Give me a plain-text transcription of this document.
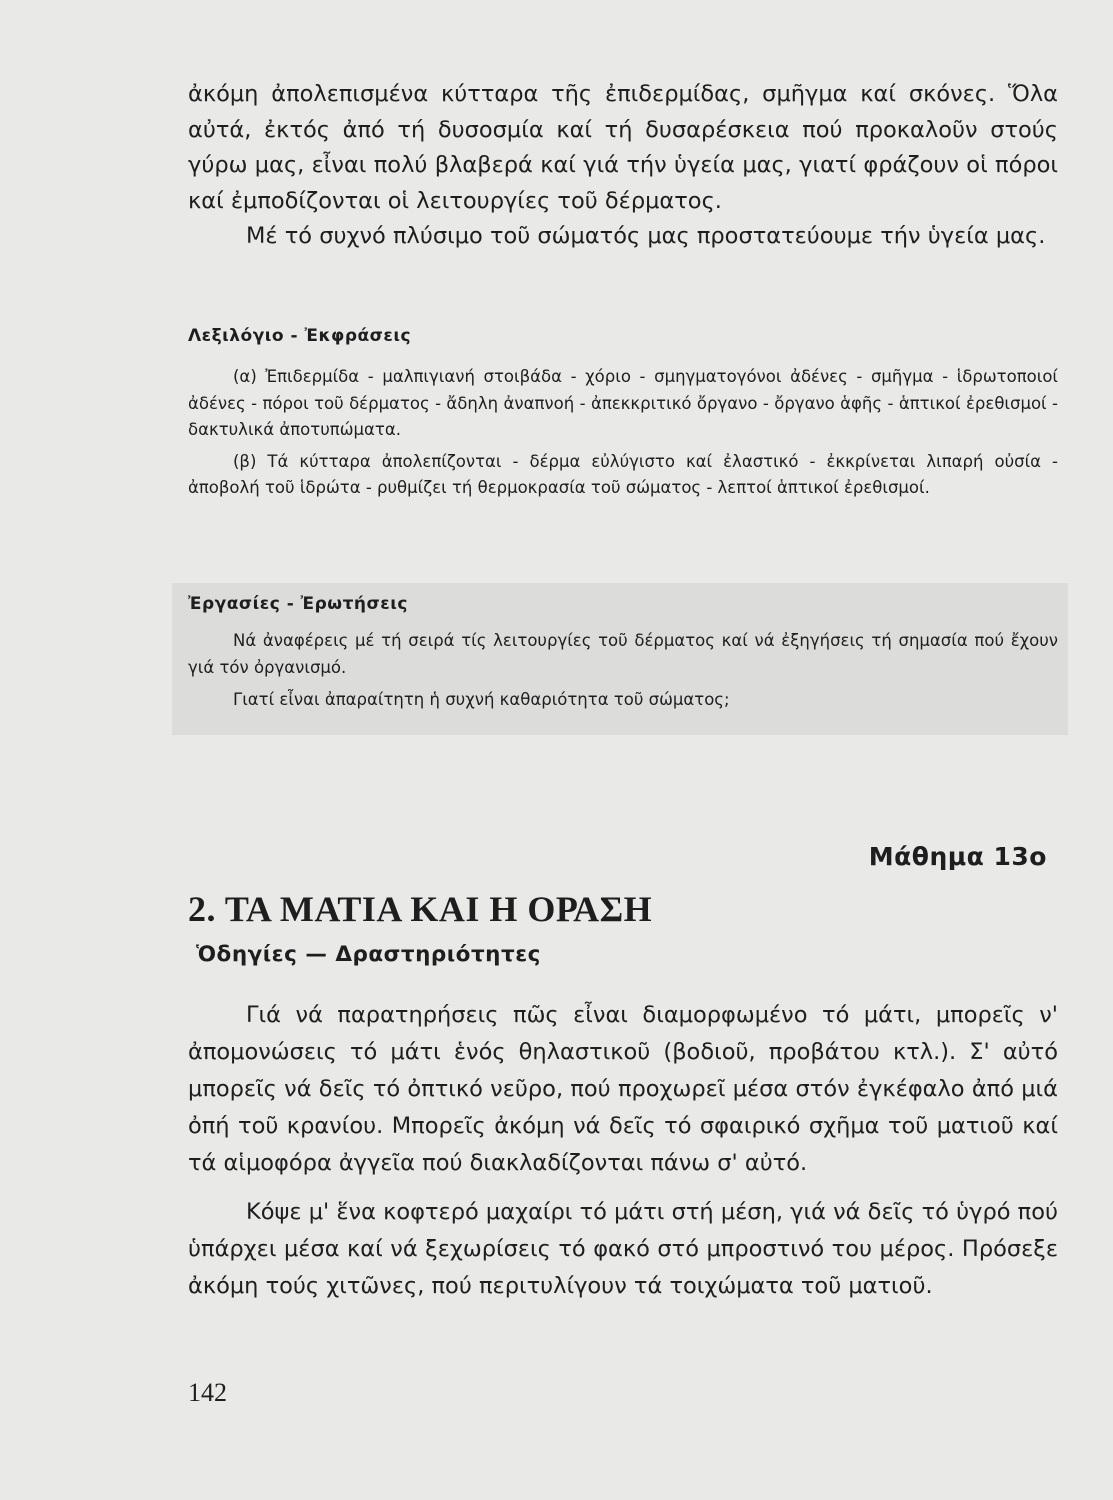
ἀκόμη ἀπολεπισμένα κύτταρα τῆς ἐπιδερμίδας, σμῆγμα καί σκόνες. Ὅλα αὐτά, ἐκτός ἀπό τή δυσοσμία καί τή δυσαρέσκεια πού προκαλοῦν στούς γύρω μας, εἶναι πολύ βλαβερά καί γιά τήν ὑγεία μας, γιατί φράζουν οἱ πόροι καί ἐμποδίζονται οἱ λειτουργίες τοῦ δέρματος.

Μέ τό συχνό πλύσιμο τοῦ σώματός μας προστατεύουμε τήν ὑγεία μας.

Λεξιλόγιο - Ἐκφράσεις

(α) Ἐπιδερμίδα - μαλπιγιανή στοιβάδα - χόριο - σμηγματογόνοι ἀδένες - σμῆγμα - ἱδρωτοποιοί ἀδένες - πόροι τοῦ δέρματος - ἄδηλη ἀναπνοή - ἀπεκκριτικό ὄργανο - ὄργανο ἁφῆς - ἁπτικοί ἐρεθισμοί - δακτυλικά ἀποτυπώματα.

(β) Τά κύτταρα ἀπολεπίζονται - δέρμα εὐλύγιστο καί ἐλαστικό - ἐκκρίνεται λιπαρή οὐσία - ἀποβολή τοῦ ἱδρώτα - ρυθμίζει τή θερμοκρασία τοῦ σώματος - λεπτοί ἁπτικοί ἐρεθισμοί.

Ἐργασίες - Ἐρωτήσεις

Νά ἀναφέρεις μέ τή σειρά τίς λειτουργίες τοῦ δέρματος καί νά ἐξηγήσεις τή σημασία πού ἔχουν γιά τόν ὀργανισμό.

Γιατί εἶναι ἀπαραίτητη ἡ συχνή καθαριότητα τοῦ σώματος;

Μάθημα 13ο
2. ΤΑ ΜΑΤΙΑ ΚΑΙ Η ΟΡΑΣΗ
Ὁδηγίες — Δραστηριότητες

Γιά νά παρατηρήσεις πῶς εἶναι διαμορφωμένο τό μάτι, μπορεῖς ν' ἀπομονώσεις τό μάτι ἑνός θηλαστικοῦ (βοδιοῦ, προβάτου κτλ.). Σ' αὐτό μπορεῖς νά δεῖς τό ὀπτικό νεῦρο, πού προχωρεῖ μέσα στόν ἐγκέφαλο ἀπό μιά ὀπή τοῦ κρανίου. Μπορεῖς ἀκόμη νά δεῖς τό σφαιρικό σχῆμα τοῦ ματιοῦ καί τά αἱμοφόρα ἀγγεῖα πού διακλαδίζονται πάνω σ' αὐτό.

Κόψε μ' ἕνα κοφτερό μαχαίρι τό μάτι στή μέση, γιά νά δεῖς τό ὑγρό πού ὑπάρχει μέσα καί νά ξεχωρίσεις τό φακό στό μπροστινό του μέρος. Πρόσεξε ἀκόμη τούς χιτῶνες, πού περιτυλίγουν τά τοιχώματα τοῦ ματιοῦ.

142
